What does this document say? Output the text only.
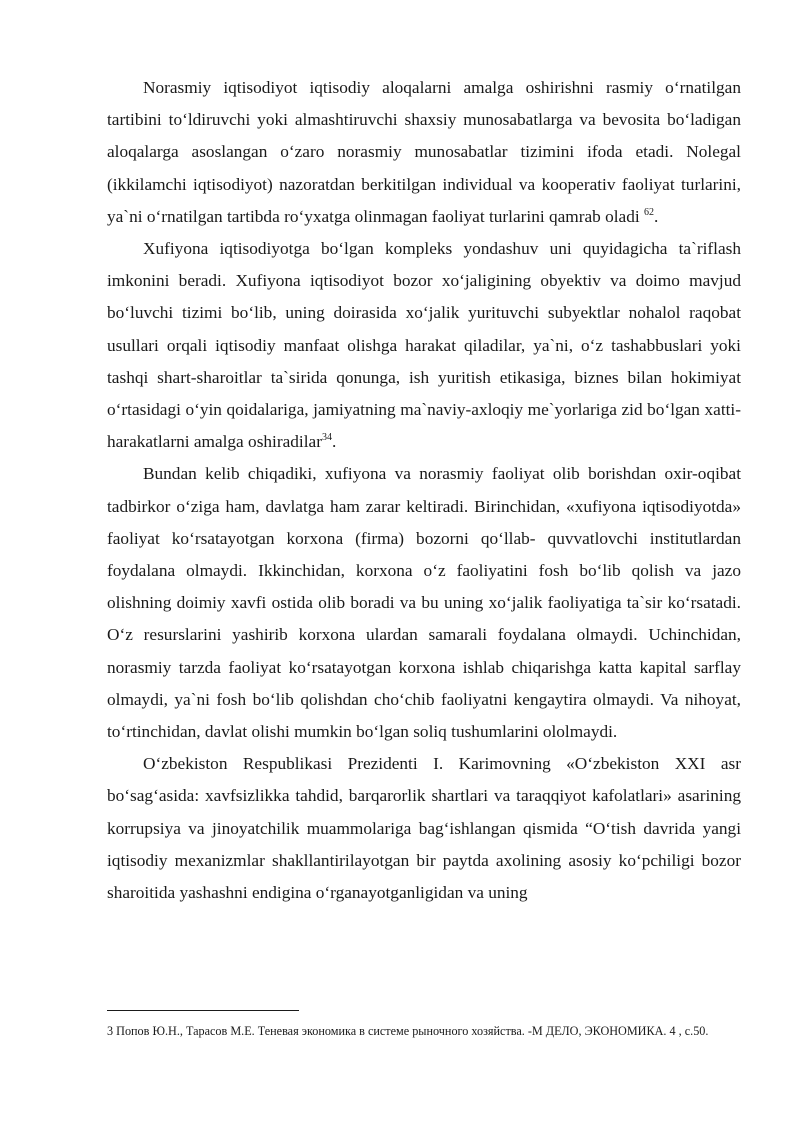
Norasmiy iqtisodiyot iqtisodiy aloqalarni amalga oshirishni rasmiy oʻrnatilgan tartibini toʻldiruvchi yoki almashtiruvchi shaxsiy munosabatlarga va bevosita boʻladigan aloqalarga asoslangan oʻzaro norasmiy munosabatlar tizimini ifoda etadi. Nolegal (ikkilamchi iqtisodiyot) nazoratdan berkitilgan individual va kooperativ faoliyat turlarini, ya`ni oʻrnatilgan tartibda roʻyxatga olinmagan faoliyat turlarini qamrab oladi $^{62}$.

Xufiyona iqtisodiyotga boʻlgan kompleks yondashuv uni quyidagicha ta`riflash imkonini beradi. Xufiyona iqtisodiyot bozor xoʻjaligining obyektiv va doimo mavjud boʻluvchi tizimi boʻlib, uning doirasida xoʻjalik yurituvchi subyektlar nohalol raqobat usullari orqali iqtisodiy manfaat olishga harakat qiladilar, ya`ni, oʻz tashabbuslari yoki tashqi shart-sharoitlar ta`sirida qonunga, ish yuritish etikasiga, biznes bilan hokimiyat oʻrtasidagi oʻyin qoidalariga, jamiyatning ma`naviy-axloqiy me`yorlariga zid boʻlgan xatti-harakatlarni amalga oshiradilar$^{34}$.

Bundan kelib chiqadiki, xufiyona va norasmiy faoliyat olib borishdan oxir-oqibat tadbirkor oʻziga ham, davlatga ham zarar keltiradi. Birinchidan, «xufiyona iqtisodiyotda» faoliyat koʻrsatayotgan korxona (firma) bozorni qoʻllab- quvvatlovchi institutlardan foydalana olmaydi. Ikkinchidan, korxona oʻz faoliyatini fosh boʻlib qolish va jazo olishning doimiy xavfi ostida olib boradi va bu uning xoʻjalik faoliyatiga ta`sir koʻrsatadi. Oʻz resurslarini yashirib korxona ulardan samarali foydalana olmaydi. Uchinchidan, norasmiy tarzda faoliyat koʻrsatayotgan korxona ishlab chiqarishga katta kapital sarflay olmaydi, ya`ni fosh boʻlib qolishdan choʻchib faoliyatni kengaytira olmaydi. Va nihoyat, toʻrtinchidan, davlat olishi mumkin boʻlgan soliq tushumlarini ololmaydi.

Oʻzbekiston Respublikasi Prezidenti I. Karimovning «Oʻzbekiston XXI asr boʻsagʻasida: xavfsizlikka tahdid, barqarorlik shartlari va taraqqiyot kafolatlari» asarining korrupsiya va jinoyatchilik muammolariga bagʻishlangan qismida “Oʻtish davrida yangi iqtisodiy mexanizmlar shakllantirilayotgan bir paytda axolining asosiy koʻpchiligi bozor sharoitida yashashni endigina oʻrganayotganligidan va uning

3 Попов Ю.Н., Тарасов М.Е. Теневая экономика в системе рыночного хозяйства. -М ДЕЛО, ЭКОНОМИКА. 4 , с.50.
